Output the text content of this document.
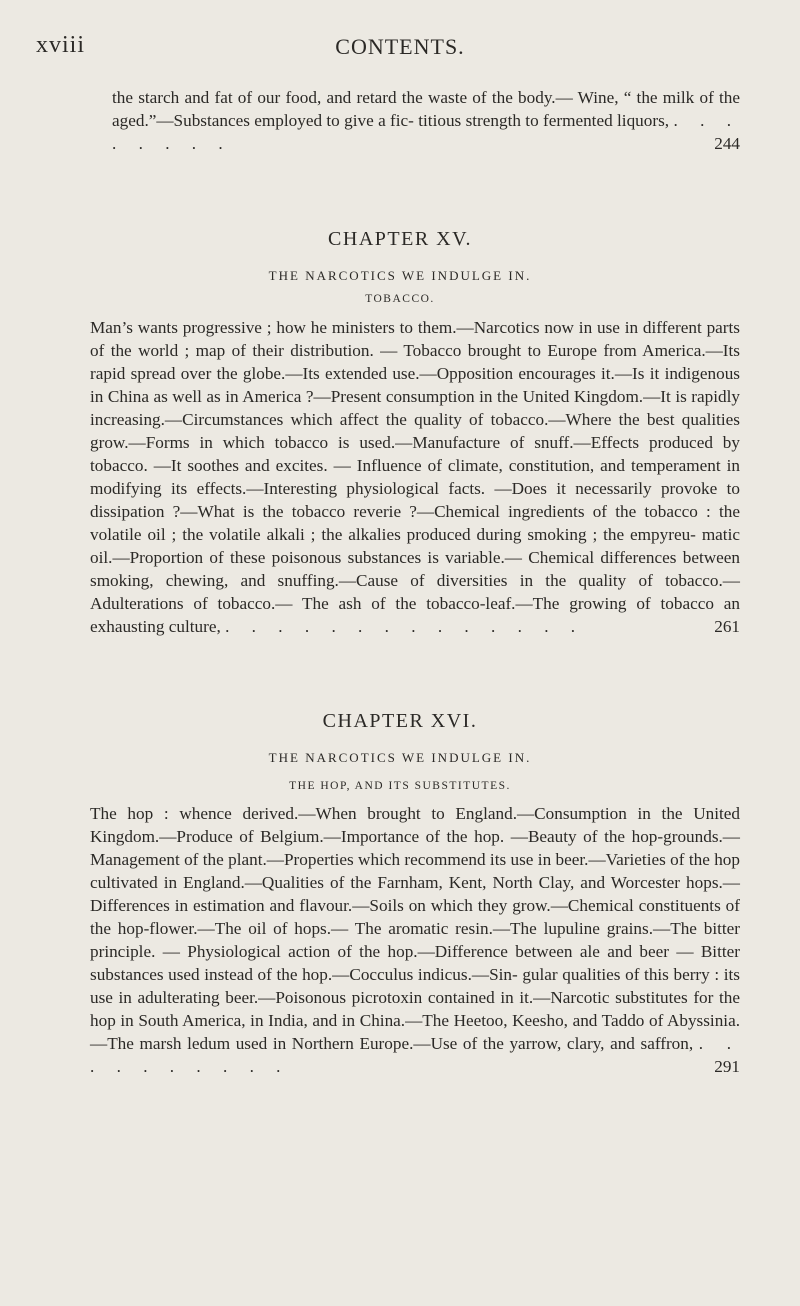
xviii	CONTENTS.

the starch and fat of our food, and retard the waste of the body.— Wine, “ the milk of the aged.”—Substances employed to give a fic- titious strength to fermented liquors, . . . . . . . .	244

CHAPTER XV.
THE NARCOTICS WE INDULGE IN.
TOBACCO.

Man’s wants progressive ; how he ministers to them.—Narcotics now in use in different parts of the world ; map of their distribution. — Tobacco brought to Europe from America.—Its rapid spread over the globe.—Its extended use.—Opposition encourages it.—Is it indigenous in China as well as in America ?—Present consumption in the United Kingdom.—It is rapidly increasing.—Circumstances which affect the quality of tobacco.—Where the best qualities grow.—Forms in which tobacco is used.—Manufacture of snuff.—Effects produced by tobacco. —It soothes and excites. — Influence of climate, constitution, and temperament in modifying its effects.—Interesting physiological facts. —Does it necessarily provoke to dissipation ?—What is the tobacco reverie ?—Chemical ingredients of the tobacco : the volatile oil ; the volatile alkali ; the alkalies produced during smoking ; the empyreu- matic oil.—Proportion of these poisonous substances is variable.— Chemical differences between smoking, chewing, and snuffing.—Cause of diversities in the quality of tobacco.—Adulterations of tobacco.— The ash of the tobacco-leaf.—The growing of tobacco an exhausting culture, . . . . . . . . . . . . . .	261

CHAPTER XVI.
THE NARCOTICS WE INDULGE IN.
THE HOP, AND ITS SUBSTITUTES.

The hop : whence derived.—When brought to England.—Consumption in the United Kingdom.—Produce of Belgium.—Importance of the hop. —Beauty of the hop-grounds.—Management of the plant.—Properties which recommend its use in beer.—Varieties of the hop cultivated in England.—Qualities of the Farnham, Kent, North Clay, and Worcester hops.—Differences in estimation and flavour.—Soils on which they grow.—Chemical constituents of the hop-flower.—The oil of hops.— The aromatic resin.—The lupuline grains.—The bitter principle. — Physiological action of the hop.—Difference between ale and beer — Bitter substances used instead of the hop.—Cocculus indicus.—Sin- gular qualities of this berry : its use in adulterating beer.—Poisonous picrotoxin contained in it.—Narcotic substitutes for the hop in South America, in India, and in China.—The Heetoo, Keesho, and Taddo of Abyssinia.—The marsh ledum used in Northern Europe.—Use of the yarrow, clary, and saffron, . . . . . . . . . .	291
